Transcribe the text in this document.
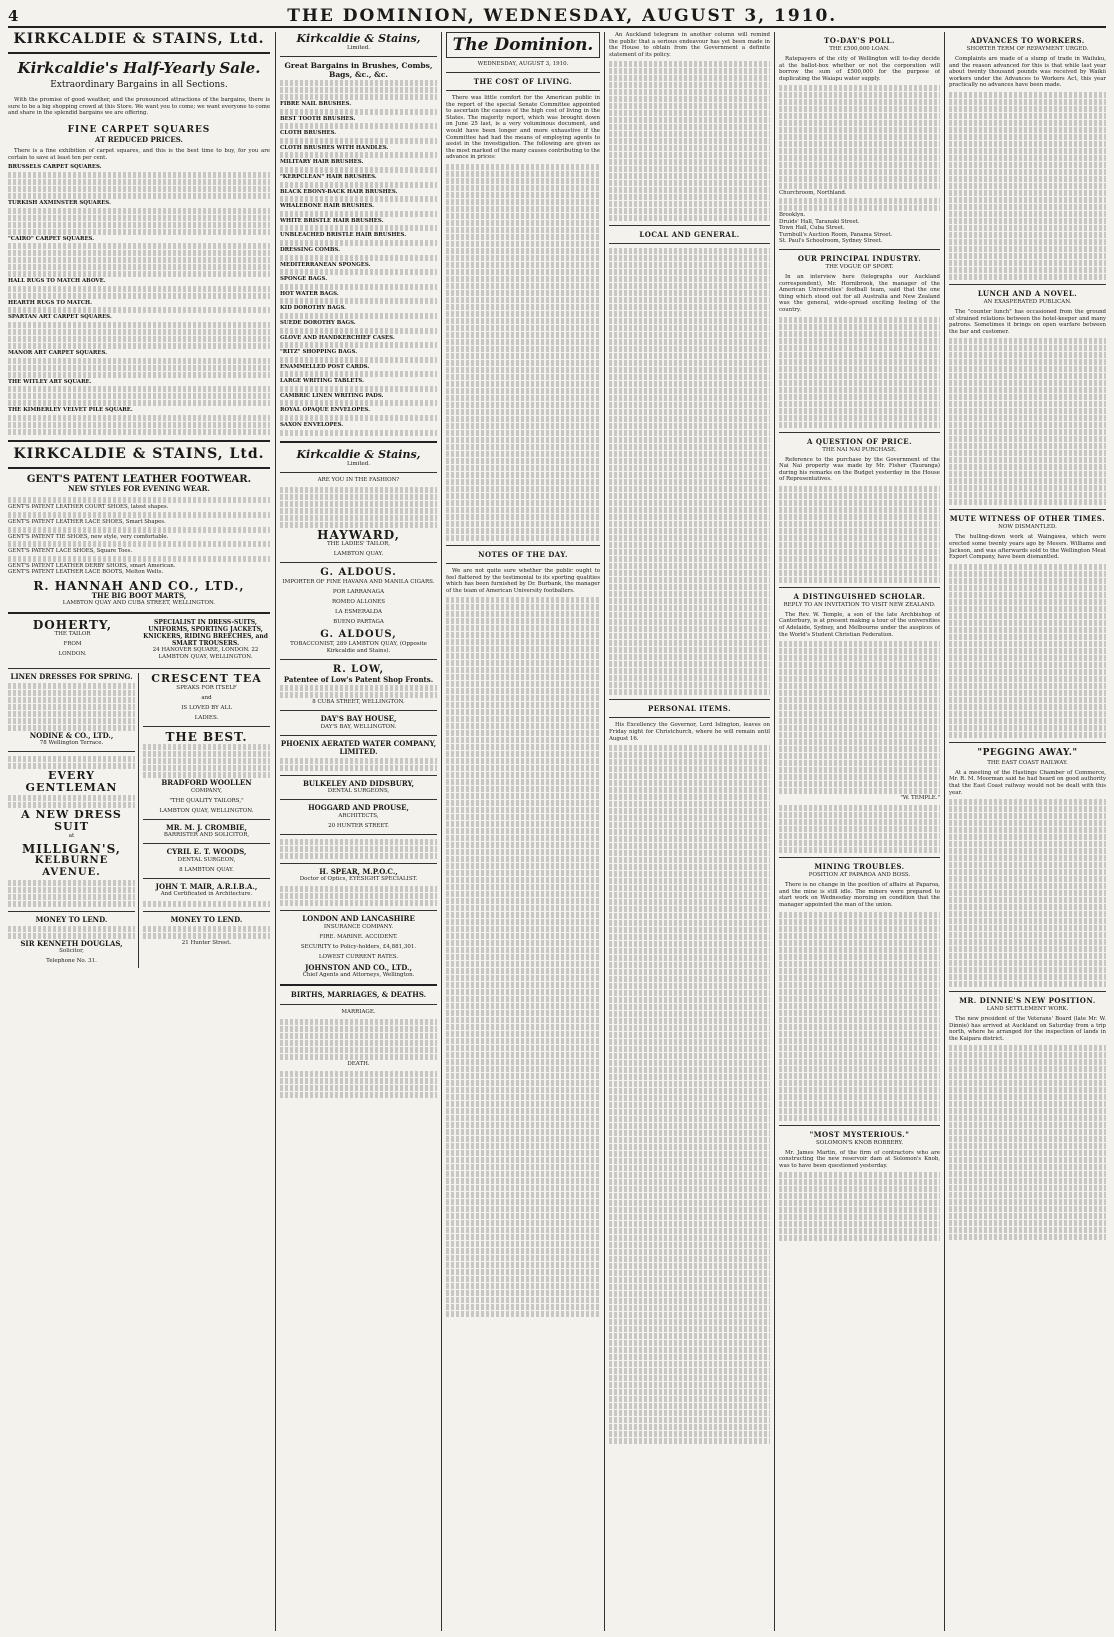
4	THE DOMINION, WEDNESDAY, AUGUST 3, 1910.
KIRKCALDIE & STAINS, Ltd.
Kirkcaldie's Half-Yearly Sale.
Extraordinary Bargains in all Sections.

With the promise of good weather, and the pronounced attractions of the bargains, there is sure to be a big shopping crowd at this Store. We want you to come; we want everyone to come and share in the splendid bargains we are offering.

FINE CARPET SQUARES
AT REDUCED PRICES.

There is a fine exhibition of carpet squares, and this is the best time to buy, for you are certain to save at least ten per cent.

BRUSSELS CARPET SQUARES.
TURKISH AXMINSTER SQUARES.
"CAIRO" CARPET SQUARES.
HALL RUGS TO MATCH ABOVE.
HEARTH RUGS TO MATCH.
SPARTAN ART CARPET SQUARES.
MANOR ART CARPET SQUARES.
THE WITLEY ART SQUARE.
THE KIMBERLEY VELVET PILE SQUARE.
KIRKCALDIE & STAINS, Ltd.
GENT'S PATENT LEATHER FOOTWEAR.
NEW STYLES FOR EVENING WEAR.
GENT'S PATENT LEATHER COURT SHOES, latest shapes.
GENT'S PATENT LEATHER LACE SHOES, Smart Shapes.
GENT'S PATENT TIE SHOES, new style, very comfortable.
GENT'S PATENT LACE SHOES, Square Toes.
GENT'S PATENT LEATHER DERBY SHOES, smart American.
GENT'S PATENT LEATHER LACE BOOTS, Melton Welts.
R. HANNAH AND CO., LTD.,
THE BIG BOOT MARTS,
LAMBTON QUAY AND CUBA STREET, WELLINGTON.
DOHERTY,
THE TAILOR
FROM
LONDON.
SPECIALIST IN DRESS-SUITS, UNIFORMS, SPORTING JACKETS, KNICKERS, RIDING BREECHES, and SMART TROUSERS.
24 HANOVER SQUARE, LONDON. 22 LAMBTON QUAY, WELLINGTON.
LINEN DRESSES FOR SPRING.
NODINE & CO., LTD.,
78 Wellington Terrace.
EVERY
GENTLEMAN
A NEW DRESS SUIT
at
MILLIGAN'S,
KELBURNE AVENUE.
MONEY TO LEND.
SIR KENNETH DOUGLAS,
Solicitor,
Telephone No. 31.
CRESCENT TEA
SPEAKS FOR ITSELF
and
IS LOVED BY ALL
LADIES.
THE BEST.
BRADFORD WOOLLEN
COMPANY,
"THE QUALITY TAILORS,"
LAMBTON QUAY, WELLINGTON.
MR. M. J. CROMBIE,
BARRISTER AND SOLICITOR,
CYRIL E. T. WOODS,
DENTAL SURGEON,
8 LAMBTON QUAY.
JOHN T. MAIR, A.R.I.B.A.,
And Certificated in Architecture.
MONEY TO LEND.
21 Hunter Street.
Kirkcaldie & Stains,
Limited.
Great Bargains in Brushes, Combs, Bags, &c., &c.
FIBRE NAIL BRUSHES.
BEST TOOTH BRUSHES.
CLOTH BRUSHES.
CLOTH BRUSHES WITH HANDLES.
MILITARY HAIR BRUSHES.
"KERPCLEAN" HAIR BRUSHES.
BLACK EBONY-BACK HAIR BRUSHES.
WHALEBONE HAIR BRUSHES.
WHITE BRISTLE HAIR BRUSHES.
UNBLEACHED BRISTLE HAIR BRUSHES.
DRESSING COMBS.
MEDITERRANEAN SPONGES.
SPONGE BAGS.
HOT WATER BAGS.
KID DOROTHY BAGS.
SUEDE DOROTHY BAGS.
GLOVE AND HANDKERCHIEF CASES.
"RITZ" SHOPPING BAGS.
ENAMMELLED POST CARDS.
LARGE WRITING TABLETS.
CAMBRIC LINEN WRITING PADS.
ROYAL OPAQUE ENVELOPES.
SAXON ENVELOPES.
Kirkcaldie & Stains,
Limited.
ARE YOU IN THE FASHION?
HAYWARD,
THE LADIES' TAILOR,
LAMBTON QUAY.
G. ALDOUS.
IMPORTER OF FINE HAVANA AND MANILA CIGARS.
POR LARRANAGA
ROMEO ALLONES
LA ESMERALDA
BUENO PARTAGA
G. ALDOUS,
TOBACCONIST, 289 LAMBTON QUAY, (Opposite Kirkcaldie and Stains).
R. LOW,
Patentee of Low's Patent Shop Fronts.
8 CUBA STREET, WELLINGTON.
DAY'S BAY HOUSE,
DAY'S BAY, WELLINGTON.
PHOENIX AERATED WATER COMPANY, LIMITED.
BULKELEY AND DIDSBURY,
DENTAL SURGEONS,
HOGGARD AND PROUSE,
ARCHITECTS,
20 HUNTER STREET.
H. SPEAR, M.P.O.C.,
Doctor of Optics, EYESIGHT SPECIALIST.
LONDON AND LANCASHIRE
INSURANCE COMPANY.
FIRE. MARINE. ACCIDENT.
SECURITY to Policy-holders, £4,881,301.
LOWEST CURRENT RATES.
JOHNSTON AND CO., LTD.,
Chief Agents and Attorneys, Wellington.
BIRTHS, MARRIAGES, & DEATHS.
MARRIAGE.
DEATH.
The Dominion.
WEDNESDAY, AUGUST 3, 1910.
THE COST OF LIVING.

There was little comfort for the American public in the report of the special Senate Committee appointed to ascertain the causes of the high cost of living in the States. The majority report, which was brought down on June 25 last, is a very voluminous document, and would have been longer and more exhaustive if the Committee had had the means of employing agents to assist in the investigation. The following are given as the most marked of the many causes contributing to the advance in prices:

NOTES OF THE DAY.

We are not quite sure whether the public ought to feel flattered by the testimonial to its sporting qualities which has been furnished by Dr. Burbank, the manager of the team of American University footballers.

An Auckland telegram in another column will remind the public that a serious endeavour has yet been made in the House to obtain from the Government a definite statement of its policy.

LOCAL AND GENERAL.
PERSONAL ITEMS.

His Excellency the Governor, Lord Islington, leaves on Friday night for Christchurch, where he will remain until August 16.

TO-DAY'S POLL.
THE £500,000 LOAN.

Ratepayers of the city of Wellington will to-day decide at the ballot-box whether or not the corporation will borrow the sum of £500,000 for the purpose of duplicating the Waiapu water supply.

Churchroom, Northland.
Brooklyn.
Druids' Hall, Taranaki Street.
Town Hall, Cuba Street.
Turnbull's Auction Room, Panama Street.
St. Paul's Schoolroom, Sydney Street.
OUR PRINCIPAL INDUSTRY.
THE VOGUE OF SPORT.

In an interview here (telegraphs our Auckland correspondent), Mr. Hornibrook, the manager of the American Universities' football team, said that the one thing which stood out for all Australia and New Zealand was the general, wide-spread exciting feeling of the country.

A QUESTION OF PRICE.
THE NAI NAI PURCHASE.

Reference to the purchase by the Government of the Nai Nai property was made by Mr. Fisher (Tauranga) during his remarks on the Budget yesterday in the House of Representatives.

A DISTINGUISHED SCHOLAR.
REPLY TO AN INVITATION TO VISIT NEW ZEALAND.

The Rev. W. Temple, a son of the late Archbishop of Canterbury, is at present making a tour of the universities of Adelaide, Sydney, and Melbourne under the auspices of the World's Student Christian Federation.

"W. TEMPLE."
MINING TROUBLES.
POSITION AT PAPAROA AND BOSS.

There is no change in the position of affairs at Paparoa, and the mine is still idle. The miners were prepared to start work on Wednesday morning on condition that the manager appointed the man of the union.

"MOST MYSTERIOUS."
SOLOMON'S KNOB ROBBERY.

Mr. James Martin, of the firm of contractors who are constructing the new reservoir dam at Solomon's Knob, was to have been questioned yesterday.

ADVANCES TO WORKERS.
SHORTER TERM OF REPAYMENT URGED.

Complaints are made of a slump of trade in Wailuku, and the reason advanced for this is that while last year about twenty thousand pounds was received by Waikii workers under the Advances to Workers Act, this year practically no advances have been made.

LUNCH AND A NOVEL.
AN EXASPERATED PUBLICAN.

The "counter lunch" has occasioned from the ground of strained relations between the hotel-keeper and many patrons. Sometimes it brings on open warfare between the bar and customer.

MUTE WITNESS OF OTHER TIMES.
NOW DISMANTLED.

The hulling-down work at Waingawa, which were erected some twenty years ago by Messrs. Williams and Jackson, and was afterwards sold to the Wellington Meat Export Company, have been dismantled.

"PEGGING AWAY."
THE EAST COAST RAILWAY.

At a meeting of the Hastings Chamber of Commerce, Mr. R. M. Moorman said he had heard on good authority that the East Coast railway would not be dealt with this year.

MR. DINNIE'S NEW POSITION.
LAND SETTLEMENT WORK.

The new president of the Veterans' Board (late Mr. W. Dinnie) has arrived at Auckland on Saturday from a trip north, where he arranged for the inspection of lands in the Kaipara district.
